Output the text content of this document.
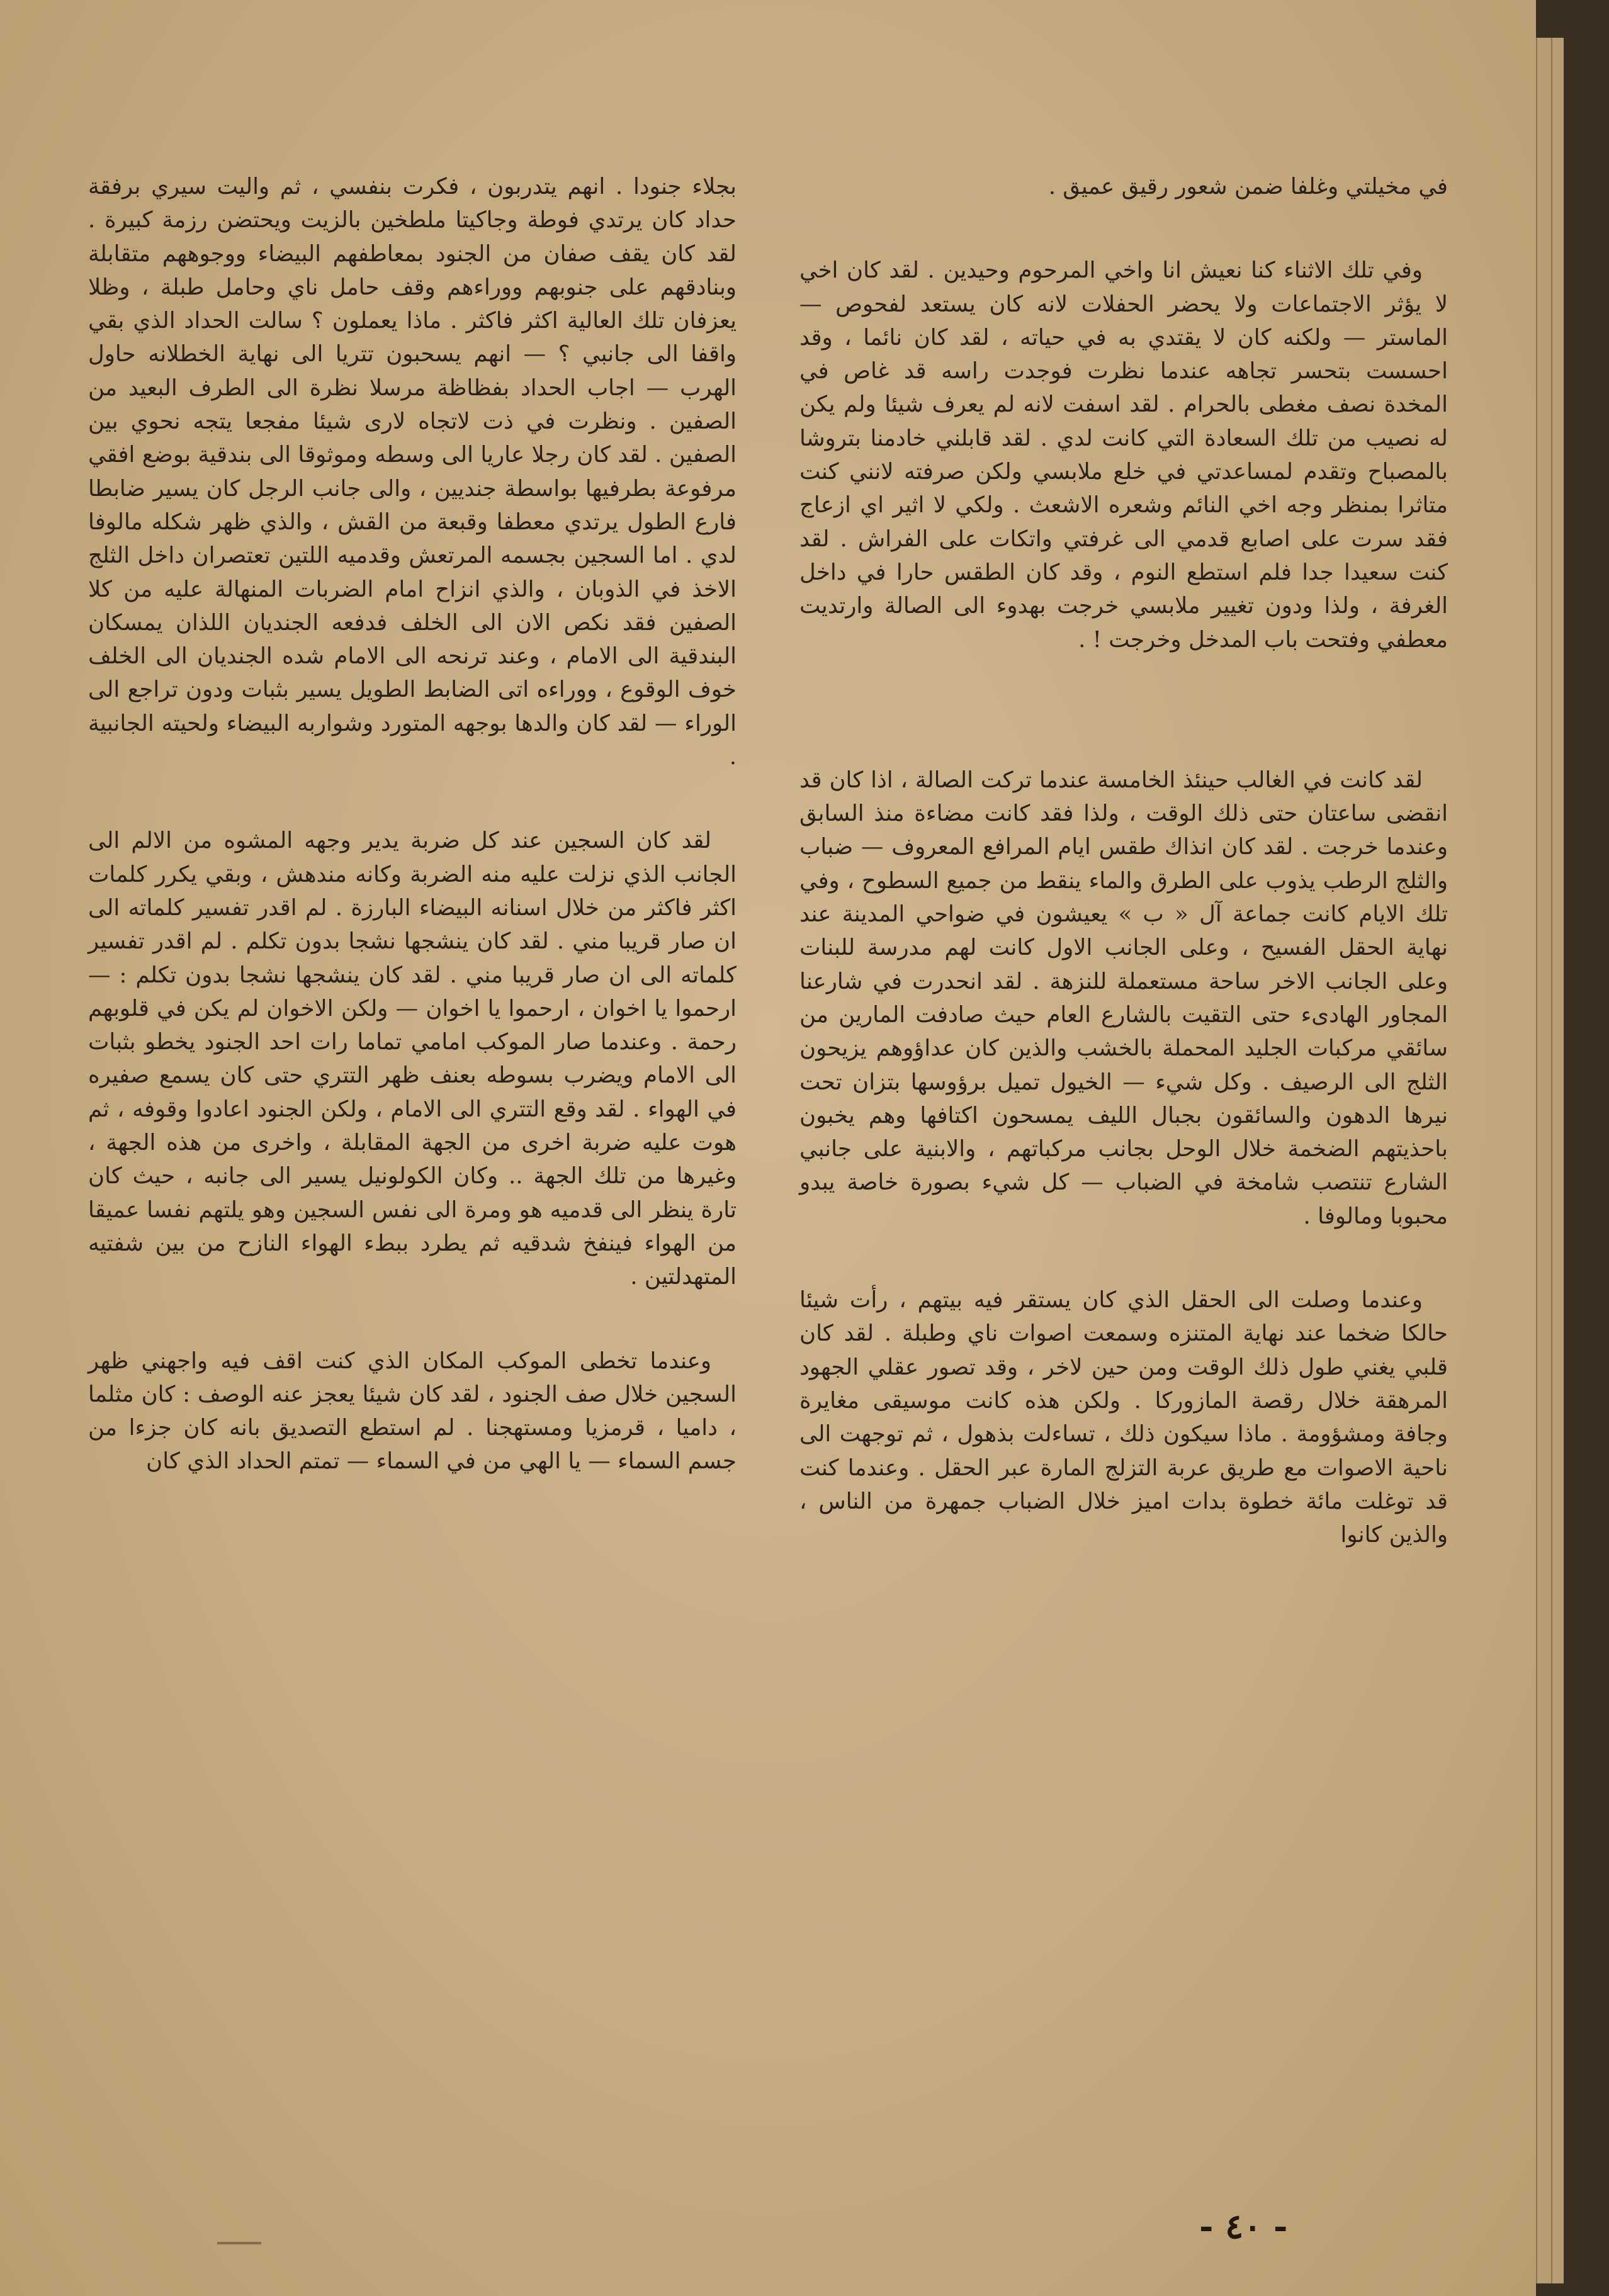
في مخيلتي وغلفا ضمن شعور رقيق عميق .

وفي تلك الاثناء كنا نعيش انا واخي المرحوم وحيدين . لقد كان اخي لا يؤثر الاجتماعات ولا يحضر الحفلات لانه كان يستعد لفحوص — الماستر — ولكنه كان لا يقتدي به في حياته ، لقد كان نائما ، وقد احسست بتحسر تجاهه عندما نظرت فوجدت راسه قد غاص في المخدة نصف مغطى بالحرام . لقد اسفت لانه لم يعرف شيئا ولم يكن له نصيب من تلك السعادة التي كانت لدي . لقد قابلني خادمنا بتروشا بالمصباح وتقدم لمساعدتي في خلع ملابسي ولكن صرفته لانني كنت متاثرا بمنظر وجه اخي النائم وشعره الاشعث . ولكي لا اثير اي ازعاج فقد سرت على اصابع قدمي الى غرفتي واتكات على الفراش . لقد كنت سعيدا جدا فلم استطع النوم ، وقد كان الطقس حارا في داخل الغرفة ، ولذا ودون تغيير ملابسي خرجت بهدوء الى الصالة وارتديت معطفي وفتحت باب المدخل وخرجت ! .

لقد كانت في الغالب حينئذ الخامسة عندما تركت الصالة ، اذا كان قد انقضى ساعتان حتى ذلك الوقت ، ولذا فقد كانت مضاءة منذ السابق وعندما خرجت . لقد كان انذاك طقس ايام المرافع المعروف — ضباب والثلج الرطب يذوب على الطرق والماء ينقط من جميع السطوح ، وفي تلك الايام كانت جماعة آل « ب » يعيشون في ضواحي المدينة عند نهاية الحقل الفسيح ، وعلى الجانب الاول كانت لهم مدرسة للبنات وعلى الجانب الاخر ساحة مستعملة للنزهة . لقد انحدرت في شارعنا المجاور الهادىء حتى التقيت بالشارع العام حيث صادفت المارين من سائقي مركبات الجليد المحملة بالخشب والذين كان عداؤوهم يزيحون الثلج الى الرصيف . وكل شيء — الخيول تميل برؤوسها بتزان تحت نيرها الدهون والسائقون بجبال الليف يمسحون اكتافها وهم يخبون باحذيتهم الضخمة خلال الوحل بجانب مركباتهم ، والابنية على جانبي الشارع تنتصب شامخة في الضباب — كل شيء بصورة خاصة يبدو محبوبا ومالوفا .

وعندما وصلت الى الحقل الذي كان يستقر فيه بيتهم ، رأت شيئا حالكا ضخما عند نهاية المتنزه وسمعت اصوات ناي وطبلة . لقد كان قلبي يغني طول ذلك الوقت ومن حين لاخر ، وقد تصور عقلي الجهود المرهقة خلال رقصة المازوركا . ولكن هذه كانت موسيقى مغايرة وجافة ومشؤومة . ماذا سيكون ذلك ، تساءلت بذهول ، ثم توجهت الى ناحية الاصوات مع طريق عربة التزلج المارة عبر الحقل . وعندما كنت قد توغلت مائة خطوة بدات اميز خلال الضباب جمهرة من الناس ، والذين كانوا

بجلاء جنودا . انهم يتدربون ، فكرت بنفسي ، ثم واليت سيري برفقة حداد كان يرتدي فوطة وجاكيتا ملطخين بالزيت ويحتضن رزمة كبيرة . لقد كان يقف صفان من الجنود بمعاطفهم البيضاء ووجوههم متقابلة وبنادقهم على جنوبهم ووراءهم وقف حامل ناي وحامل طبلة ، وظلا يعزفان تلك العالية اكثر فاكثر . ماذا يعملون ؟ سالت الحداد الذي بقي واقفا الى جانبي ؟ — انهم يسحبون تتريا الى نهاية الخطلانه حاول الهرب — اجاب الحداد بفظاظة مرسلا نظرة الى الطرف البعيد من الصفين . ونظرت في ذت لاتجاه لارى شيئا مفجعا يتجه نحوي بين الصفين . لقد كان رجلا عاريا الى وسطه وموثوقا الى بندقية بوضع افقي مرفوعة بطرفيها بواسطة جنديين ، والى جانب الرجل كان يسير ضابطا فارع الطول يرتدي معطفا وقبعة من القش ، والذي ظهر شكله مالوفا لدي . اما السجين بجسمه المرتعش وقدميه اللتين تعتصران داخل الثلج الاخذ في الذوبان ، والذي انزاح امام الضربات المنهالة عليه من كلا الصفين فقد نكص الان الى الخلف فدفعه الجنديان اللذان يمسكان البندقية الى الامام ، وعند ترنحه الى الامام شده الجنديان الى الخلف خوف الوقوع ، ووراءه اتى الضابط الطويل يسير بثبات ودون تراجع الى الوراء — لقد كان والدها بوجهه المتورد وشواربه البيضاء ولحيته الجانبية .

لقد كان السجين عند كل ضربة يدير وجهه المشوه من الالم الى الجانب الذي نزلت عليه منه الضربة وكانه مندهش ، وبقي يكرر كلمات اكثر فاكثر من خلال اسنانه البيضاء البارزة . لم اقدر تفسير كلماته الى ان صار قريبا مني . لقد كان ينشجها نشجا بدون تكلم . لم اقدر تفسير كلماته الى ان صار قريبا مني . لقد كان ينشجها نشجا بدون تكلم : — ارحموا يا اخوان ، ارحموا يا اخوان — ولكن الاخوان لم يكن في قلوبهم رحمة . وعندما صار الموكب امامي تماما رات احد الجنود يخطو بثبات الى الامام ويضرب بسوطه بعنف ظهر التتري حتى كان يسمع صفيره في الهواء . لقد وقع التتري الى الامام ، ولكن الجنود اعادوا وقوفه ، ثم هوت عليه ضربة اخرى من الجهة المقابلة ، واخرى من هذه الجهة ، وغيرها من تلك الجهة .. وكان الكولونيل يسير الى جانبه ، حيث كان تارة ينظر الى قدميه هو ومرة الى نفس السجين وهو يلتهم نفسا عميقا من الهواء فينفخ شدقيه ثم يطرد ببطء الهواء النازح من بين شفتيه المتهدلتين .

وعندما تخطى الموكب المكان الذي كنت اقف فيه واجهني ظهر السجين خلال صف الجنود ، لقد كان شيئا يعجز عنه الوصف : كان مثلما ، داميا ، قرمزيا ومستهجنا . لم استطع التصديق بانه كان جزءا من جسم السماء — يا الهي من في السماء — تمتم الحداد الذي كان

- ٤٠ -
